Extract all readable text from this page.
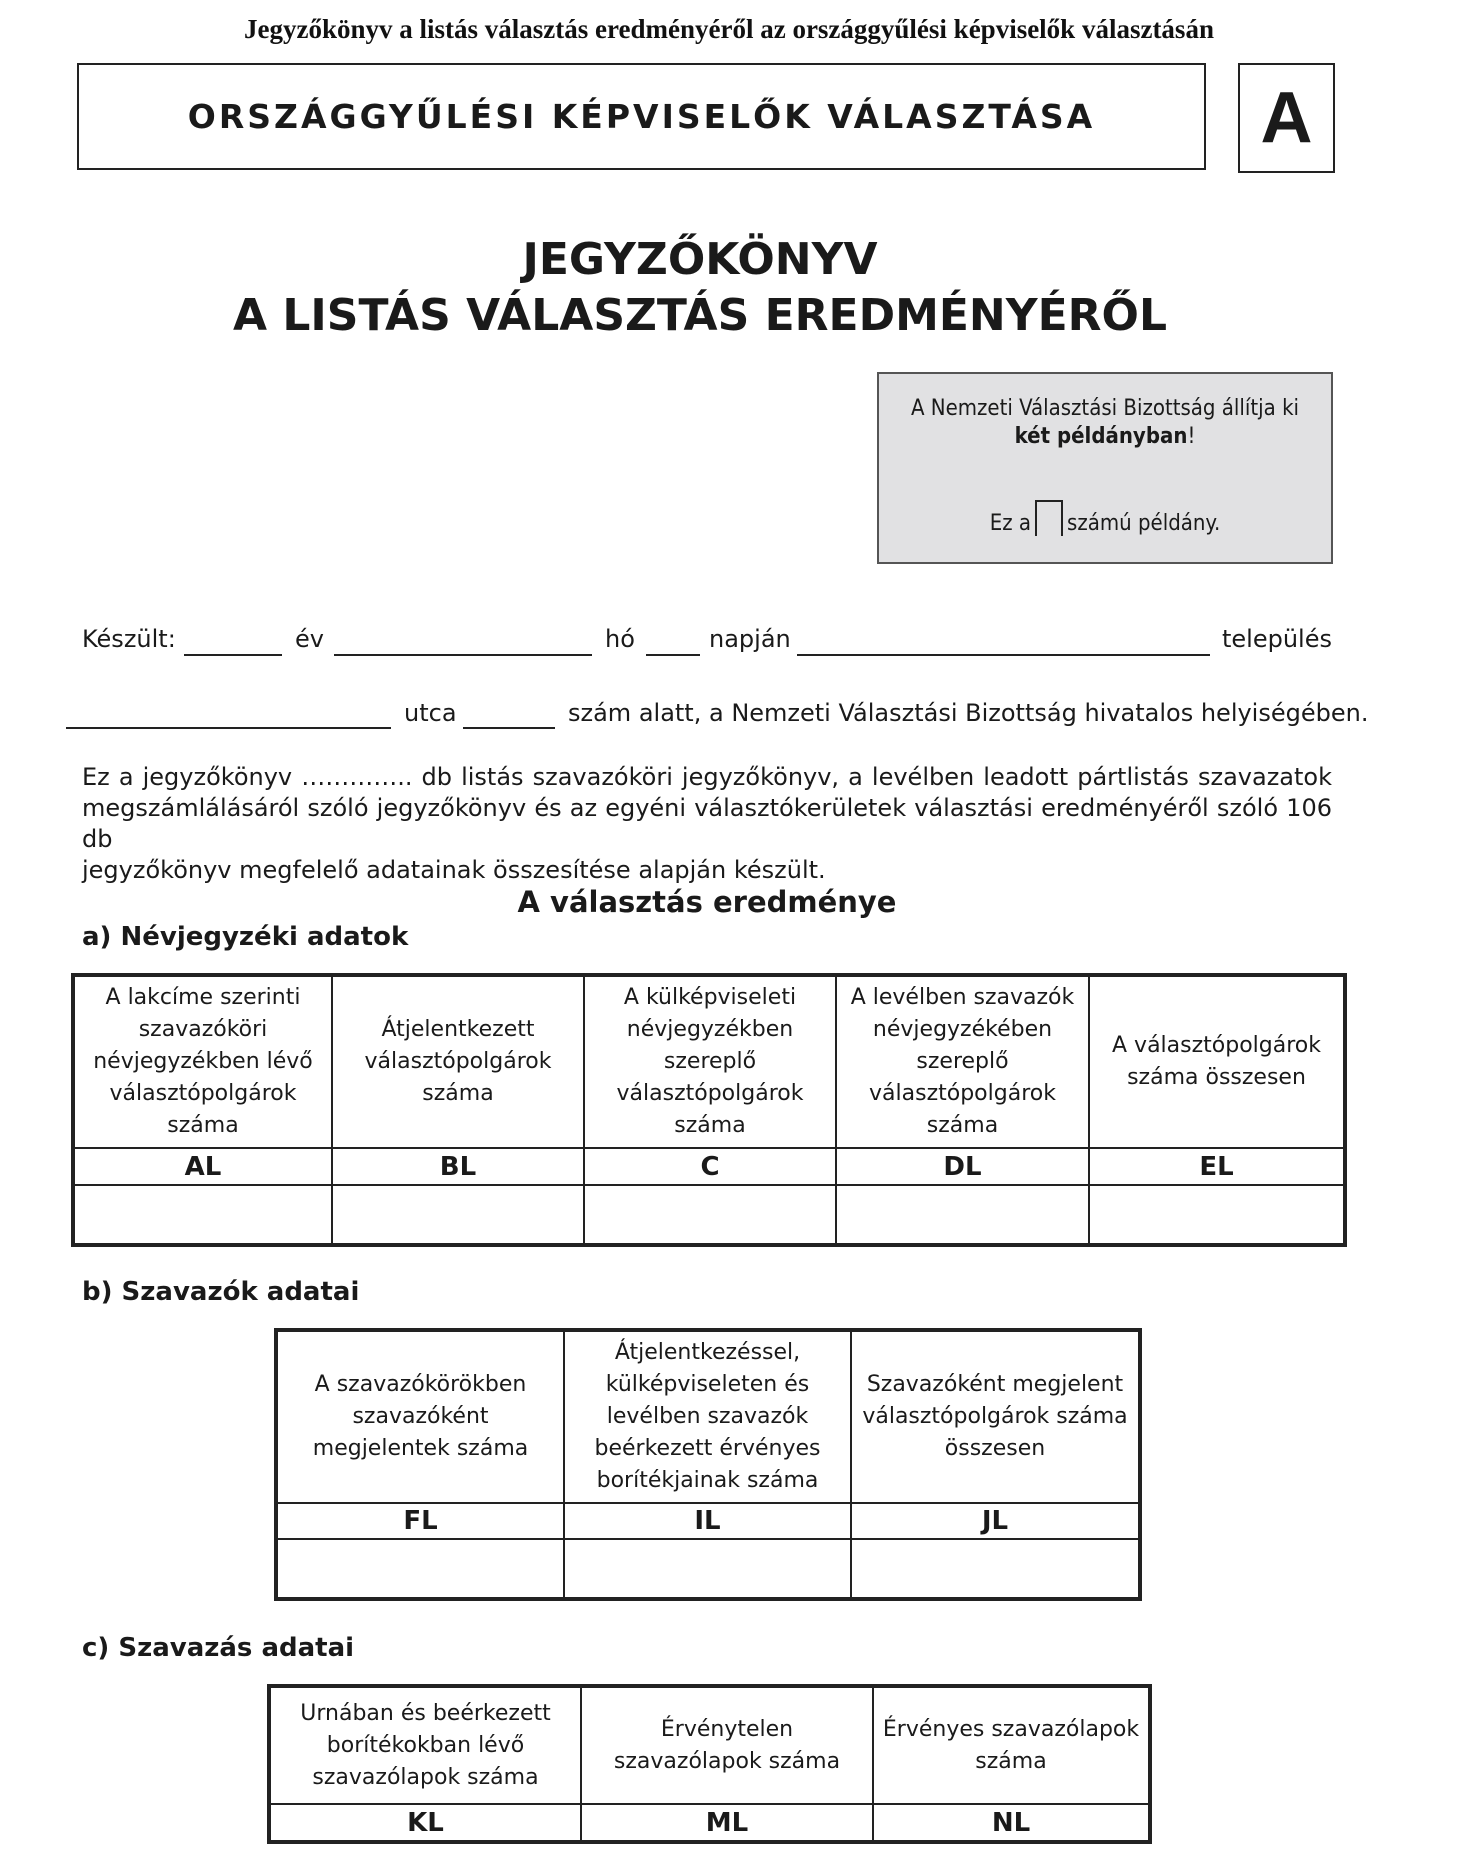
Jegyzőkönyv a listás választás eredményéről az országgyűlési képviselők választásán
ORSZÁGGYŰLÉSI KÉPVISELŐK VÁLASZTÁSA A
JEGYZŐKÖNYV
A LISTÁS VÁLASZTÁS EREDMÉNYÉRŐL
A Nemzeti Választási Bizottság állítja ki
két példányban!
Ez a számú példány.
Készült:	év	hó	napján	település
utca	szám alatt, a Nemzeti Választási Bizottság hivatalos helyiségében.
Ez a jegyzőkönyv ………….. db listás szavazóköri jegyzőkönyv, a levélben leadott pártlistás szavazatok
megszámlálásáról szóló jegyzőkönyv és az egyéni választókerületek választási eredményéről szóló 106 db
jegyzőkönyv megfelelő adatainak összesítése alapján készült.
A választás eredménye
a) Névjegyzéki adatok
A lakcíme szerinti szavazóköri névjegyzékben lévő választópolgárok száma	Átjelentkezett választópolgárok száma	A külképviseleti névjegyzékben szereplő választópolgárok száma	A levélben szavazók névjegyzékében szereplő választópolgárok száma	A választópolgárok száma összesen
AL	BL	C	DL	EL

b) Szavazók adatai
A szavazókörökben szavazóként megjelentek száma	Átjelentkezéssel, külképviseleten és levélben szavazók beérkezett érvényes borítékjainak száma	Szavazóként megjelent választópolgárok száma összesen
FL	IL	JL

c) Szavazás adatai
Urnában és beérkezett borítékokban lévő szavazólapok száma	Érvénytelen szavazólapok száma	Érvényes szavazólapok száma
KL	ML	NL
